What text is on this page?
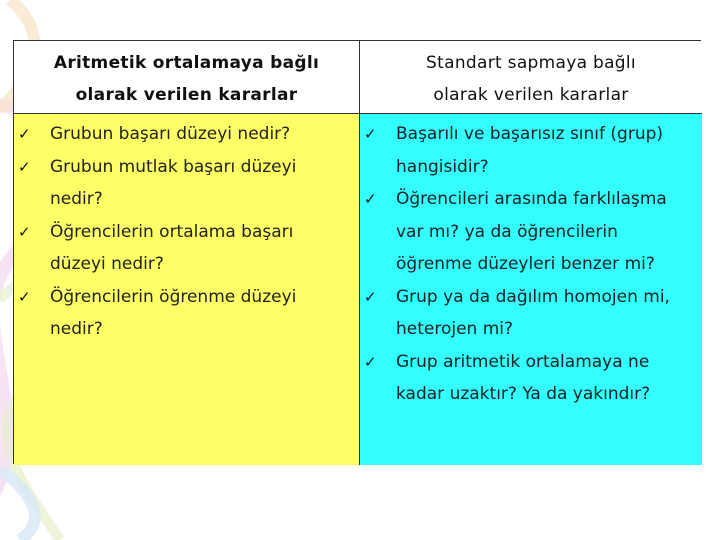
Aritmetik ortalamaya bağlı
olarak verilen kararlar
Standart sapmaya bağlı
olarak verilen kararlar
✓ Grubun başarı düzeyi nedir?
✓ Grubun mutlak başarı düzeyi nedir?
✓ Öğrencilerin ortalama başarı düzeyi nedir?
✓ Öğrencilerin öğrenme düzeyi nedir?
✓ Başarılı ve başarısız sınıf (grup) hangisidir?
✓ Öğrencileri arasında farklılaşma var mı? ya da öğrencilerin öğrenme düzeyleri benzer mi?
✓ Grup ya da dağılım homojen mi, heterojen mi?
✓ Grup aritmetik ortalamaya ne kadar uzaktır? Ya da yakındır?
